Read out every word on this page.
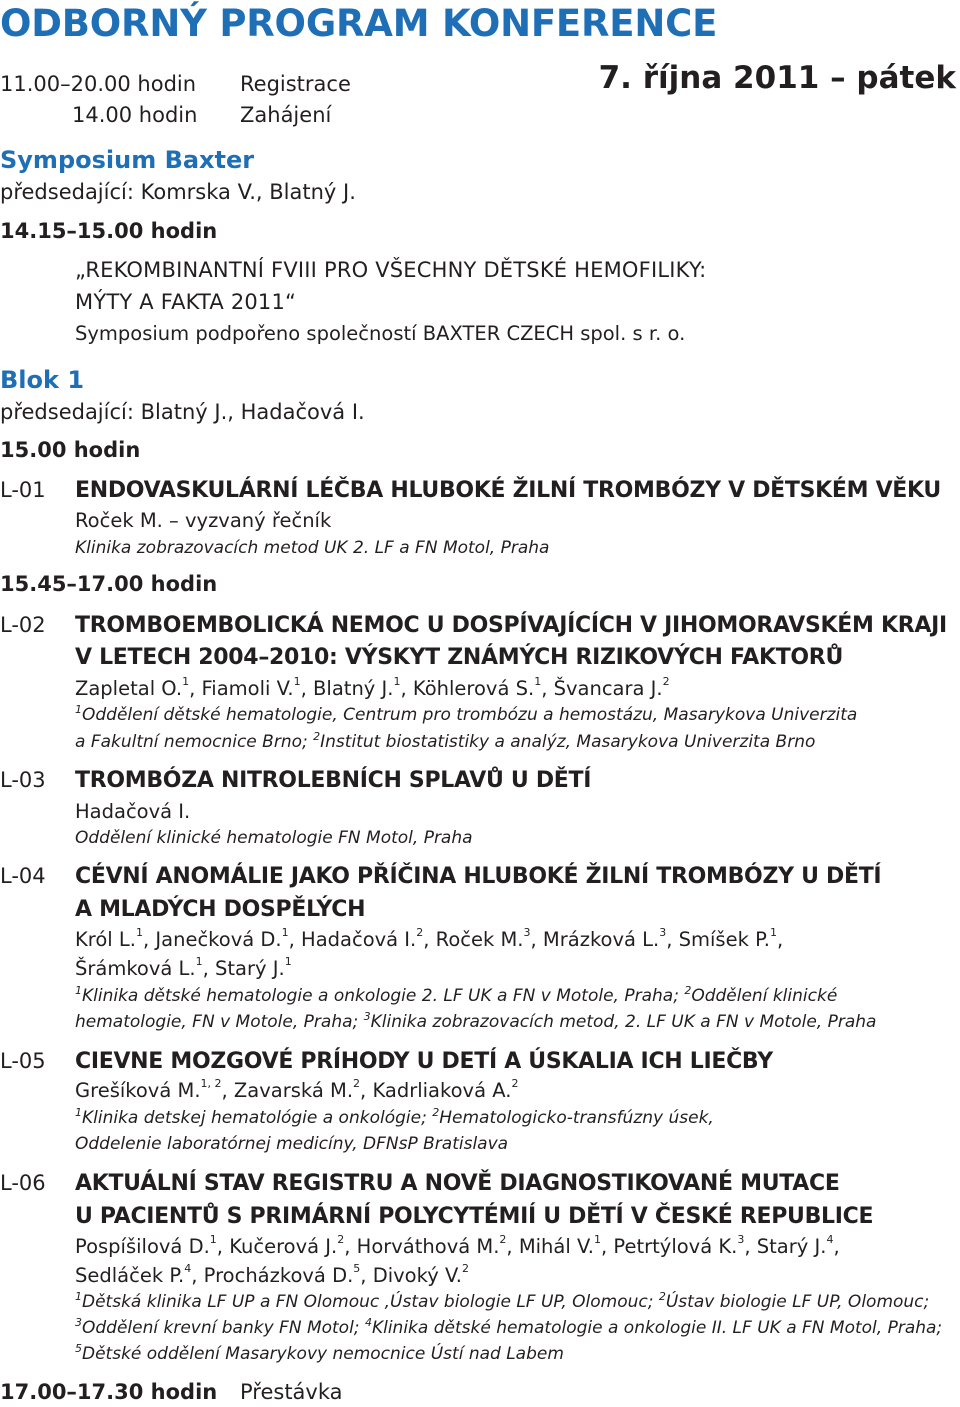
ODBORNÝ PROGRAM KONFERENCE
7. října 2011 – pátek
11.00–20.00 hodin Registrace
14.00 hodin Zahájení
Symposium Baxter
předsedající: Komrska V., Blatný J.
14.15–15.00 hodin
„REKOMBINANTNÍ FVIII PRO VŠECHNY DĚTSKÉ HEMOFILIKY:
MÝTY A FAKTA 2011“
Symposium podpořeno společností BAXTER CZECH spol. s r. o.
Blok 1
předsedající: Blatný J., Hadačová I.
15.00 hodin
L-01 ENDOVASKULÁRNÍ LÉČBA HLUBOKÉ ŽILNÍ TROMBÓZY V DĚTSKÉM VĚKU
Roček M. – vyzvaný řečník
Klinika zobrazovacích metod UK 2. LF a FN Motol, Praha
15.45–17.00 hodin
L-02 TROMBOEMBOLICKÁ NEMOC U DOSPÍVAJÍCÍCH V JIHOMORAVSKÉM KRAJI
V LETECH 2004–2010: VÝSKYT ZNÁMÝCH RIZIKOVÝCH FAKTORŮ
Zapletal O.$^1$, Fiamoli V.$^1$, Blatný J.$^1$, Köhlerová S.$^1$, Švancara J.$^2$
$^1$Oddělení dětské hematologie, Centrum pro trombózu a hemostázu, Masarykova Univerzita
a Fakultní nemocnice Brno; $^2$Institut biostatistiky a analýz, Masarykova Univerzita Brno
L-03 TROMBÓZA NITROLEBNÍCH SPLAVŮ U DĚTÍ
Hadačová I.
Oddělení klinické hematologie FN Motol, Praha
L-04 CÉVNÍ ANOMÁLIE JAKO PŘÍČINA HLUBOKÉ ŽILNÍ TROMBÓZY U DĚTÍ
A MLADÝCH DOSPĚLÝCH
Król L.$^1$, Janečková D.$^1$, Hadačová I.$^2$, Roček M.$^3$, Mrázková L.$^3$, Smíšek P.$^1$,
Šrámková L.$^1$, Starý J.$^1$
$^1$Klinika dětské hematologie a onkologie 2. LF UK a FN v Motole, Praha; $^2$Oddělení klinické
hematologie, FN v Motole, Praha; $^3$Klinika zobrazovacích metod, 2. LF UK a FN v Motole, Praha
L-05 CIEVNE MOZGOVÉ PRÍHODY U DETÍ A ÚSKALIA ICH LIEČBY
Grešíková M.$^{1, 2}$, Zavarská M.$^2$, Kadrliaková A.$^2$
$^1$Klinika detskej hematológie a onkológie; $^2$Hematologicko-transfúzny úsek,
Oddelenie laboratórnej medicíny, DFNsP Bratislava
L-06 AKTUÁLNÍ STAV REGISTRU A NOVĚ DIAGNOSTIKOVANÉ MUTACE
U PACIENTŮ S PRIMÁRNÍ POLYCYTÉMIÍ U DĚTÍ V ČESKÉ REPUBLICE
Pospíšilová D.$^1$, Kučerová J.$^2$, Horváthová M.$^2$, Mihál V.$^1$, Petrtýlová K.$^3$, Starý J.$^4$,
Sedláček P.$^4$, Procházková D.$^5$, Divoký V.$^2$
$^1$Dětská klinika LF UP a FN Olomouc ,Ústav biologie LF UP, Olomouc; $^2$Ústav biologie LF UP, Olomouc;
$^3$Oddělení krevní banky FN Motol; $^4$Klinika dětské hematologie a onkologie II. LF UK a FN Motol, Praha;
$^5$Dětské oddělení Masarykovy nemocnice Ústí nad Labem
17.00–17.30 hodin Přestávka
